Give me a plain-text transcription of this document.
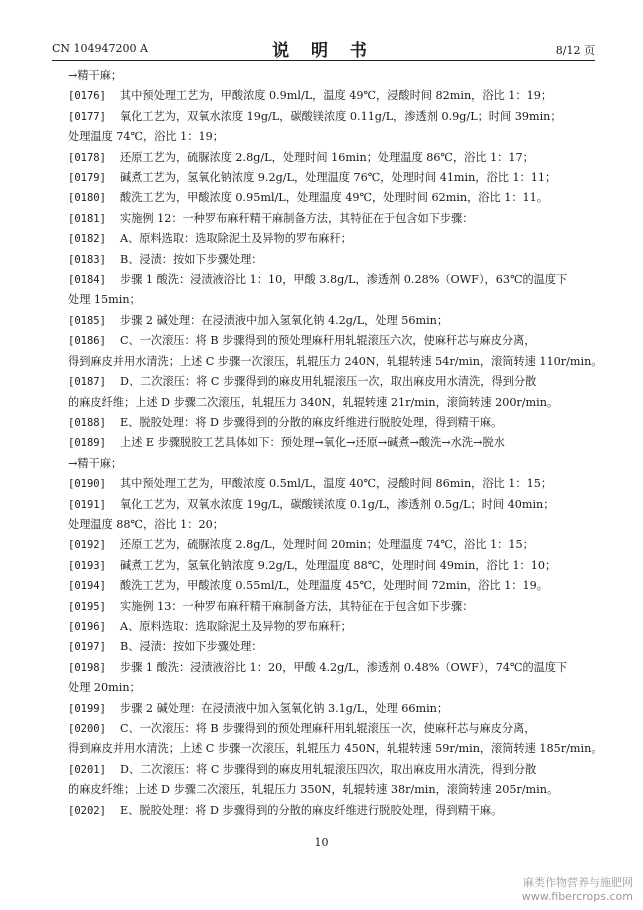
CN 104947200 A	说 明 书	8/12 页
→精干麻；
[0176]	其中预处理工艺为，甲酸浓度 0.9ml/L，温度 49℃，浸酸时间 82min，浴比 1：19；
[0177]	氧化工艺为，双氧水浓度 19g/L，碳酸镁浓度 0.11g/L，渗透剂 0.9g/L；时间 39min；
处理温度 74℃，浴比 1：19；
[0178]	还原工艺为，硫脲浓度 2.8g/L，处理时间 16min；处理温度 86℃，浴比 1：17；
[0179]	碱煮工艺为，氢氧化钠浓度 9.2g/L，处理温度 76℃，处理时间 41min，浴比 1：11；
[0180]	酸洗工艺为，甲酸浓度 0.95ml/L，处理温度 49℃，处理时间 62min，浴比 1：11。
[0181]	实施例 12：一种罗布麻秆精干麻制备方法，其特征在于包含如下步骤：
[0182]	A、原料选取：选取除泥土及异物的罗布麻秆；
[0183]	B、浸渍：按如下步骤处理：
[0184]	步骤 1 酸洗：浸渍液浴比 1：10，甲酸 3.8g/L，渗透剂 0.28%（OWF），63℃的温度下
处理 15min；
[0185]	步骤 2 碱处理：在浸渍液中加入氢氧化钠 4.2g/L，处理 56min；
[0186]	C、一次滚压：将 B 步骤得到的预处理麻秆用轧辊滚压六次，使麻秆芯与麻皮分离，
得到麻皮并用水清洗；上述 C 步骤一次滚压，轧辊压力 240N，轧辊转速 54r/min，滚筒转速 110r/min。
[0187]	D、二次滚压：将 C 步骤得到的麻皮用轧辊滚压一次，取出麻皮用水清洗，得到分散
的麻皮纤维；上述 D 步骤二次滚压，轧辊压力 340N，轧辊转速 21r/min，滚筒转速 200r/min。
[0188]	E、脱胶处理：将 D 步骤得到的分散的麻皮纤维进行脱胶处理，得到精干麻。
[0189]	上述 E 步骤脱胶工艺具体如下：预处理→氧化→还原→碱煮→酸洗→水洗→脱水
→精干麻；
[0190]	其中预处理工艺为，甲酸浓度 0.5ml/L，温度 40℃，浸酸时间 86min，浴比 1：15；
[0191]	氧化工艺为，双氧水浓度 19g/L，碳酸镁浓度 0.1g/L，渗透剂 0.5g/L；时间 40min；
处理温度 88℃，浴比 1：20；
[0192]	还原工艺为，硫脲浓度 2.8g/L，处理时间 20min；处理温度 74℃，浴比 1：15；
[0193]	碱煮工艺为，氢氧化钠浓度 9.2g/L，处理温度 88℃，处理时间 49min，浴比 1：10；
[0194]	酸洗工艺为，甲酸浓度 0.55ml/L，处理温度 45℃，处理时间 72min，浴比 1：19。
[0195]	实施例 13：一种罗布麻秆精干麻制备方法，其特征在于包含如下步骤：
[0196]	A、原料选取：选取除泥土及异物的罗布麻秆；
[0197]	B、浸渍：按如下步骤处理：
[0198]	步骤 1 酸洗：浸渍液浴比 1：20，甲酸 4.2g/L，渗透剂 0.48%（OWF），74℃的温度下
处理 20min；
[0199]	步骤 2 碱处理：在浸渍液中加入氢氧化钠 3.1g/L，处理 66min；
[0200]	C、一次滚压：将 B 步骤得到的预处理麻秆用轧辊滚压一次，使麻秆芯与麻皮分离，
得到麻皮并用水清洗；上述 C 步骤一次滚压，轧辊压力 450N，轧辊转速 59r/min，滚筒转速 185r/min。
[0201]	D、二次滚压：将 C 步骤得到的麻皮用轧辊滚压四次，取出麻皮用水清洗，得到分散
的麻皮纤维；上述 D 步骤二次滚压，轧辊压力 350N，轧辊转速 38r/min，滚筒转速 205r/min。
[0202]	E、脱胶处理：将 D 步骤得到的分散的麻皮纤维进行脱胶处理，得到精干麻。
10
麻类作物营养与施肥网
www.fibercrops.com
